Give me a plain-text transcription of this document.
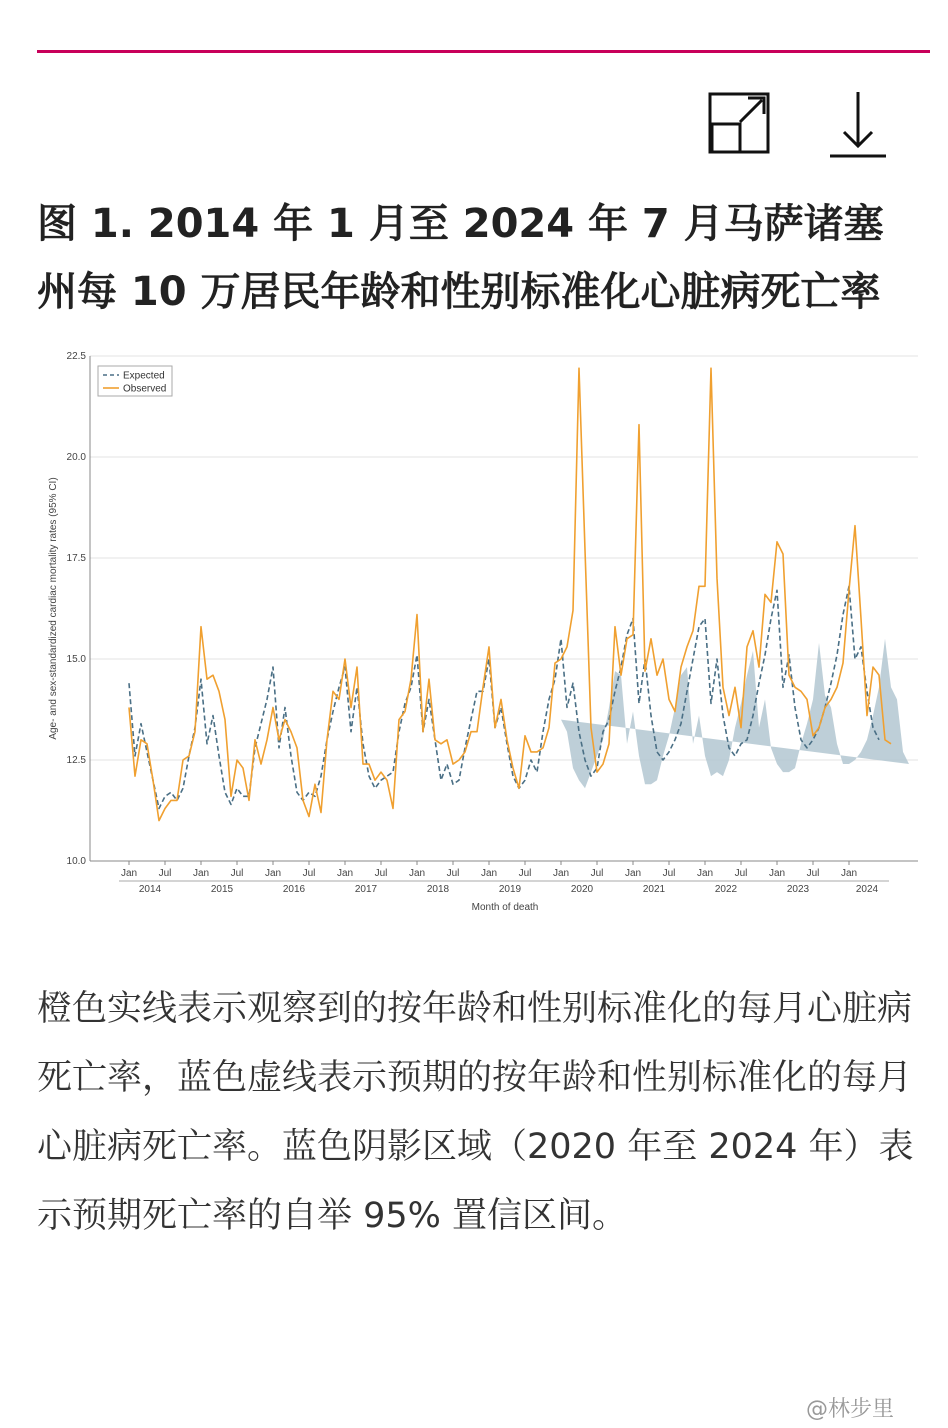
图 1. 2014 年 1 月至 2024 年 7 月马萨诸塞州每 10 万居民年龄和性别标准化心脏病死亡率
10.0
12.5
15.0
17.5
20.0
22.5
Jan Jul
2014
Jan Jul
2015
Jan Jul
2016
Jan Jul
2017
Jan Jul
2018
Jan Jul
2019
Jan Jul
2020
Jan Jul
2021
Jan Jul
2022
Jan Jul
2023
Jan
2024
Month of death
Age- and sex-standardized cardiac mortality rates (95% CI)
Expected
Observed
橙色实线表示观察到的按年龄和性别标准化的每月心脏病死亡率，蓝色虚线表示预期的按年龄和性别标准化的每月心脏病死亡率。蓝色阴影区域（2020 年至 2024 年）表示预期死亡率的自举 95% 置信区间。
@林步里
